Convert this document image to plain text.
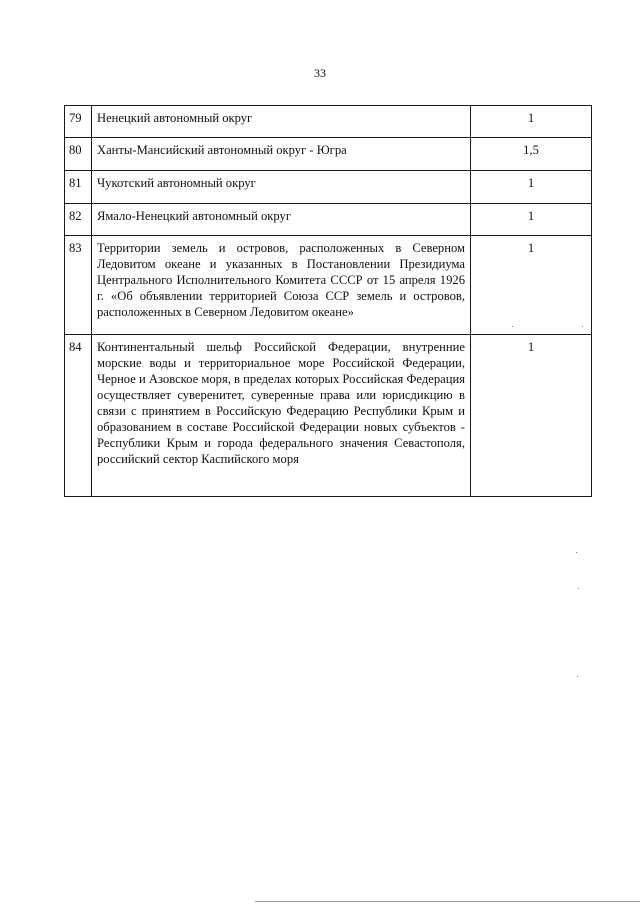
33
79	Ненецкий автономный округ	1
80	Ханты-Мансийский автономный округ - Югра	1,5
81	Чукотский автономный округ	1
82	Ямало-Ненецкий автономный округ	1
83	Территории земель и островов, расположенных в Северном Ледовитом океане и указанных в Постановлении Президиума Центрального Исполнительного Комитета СССР от 15 апреля 1926 г. «Об объявлении территорией Союза ССР земель и островов, расположенных в Северном Ледовитом океане»	1
84	Континентальный шельф Российской Федерации, внутренние морские воды и территориальное море Российской Федерации, Черное и Азовское моря, в пределах которых Российская Федерация осуществляет суверенитет, суверенные права или юрисдикцию в связи с принятием в Российскую Федерацию Республики Крым и образованием в составе Российской Федерации новых субъектов - Республики Крым и города федерального значения Севастополя, российский сектор Каспийского моря	1
